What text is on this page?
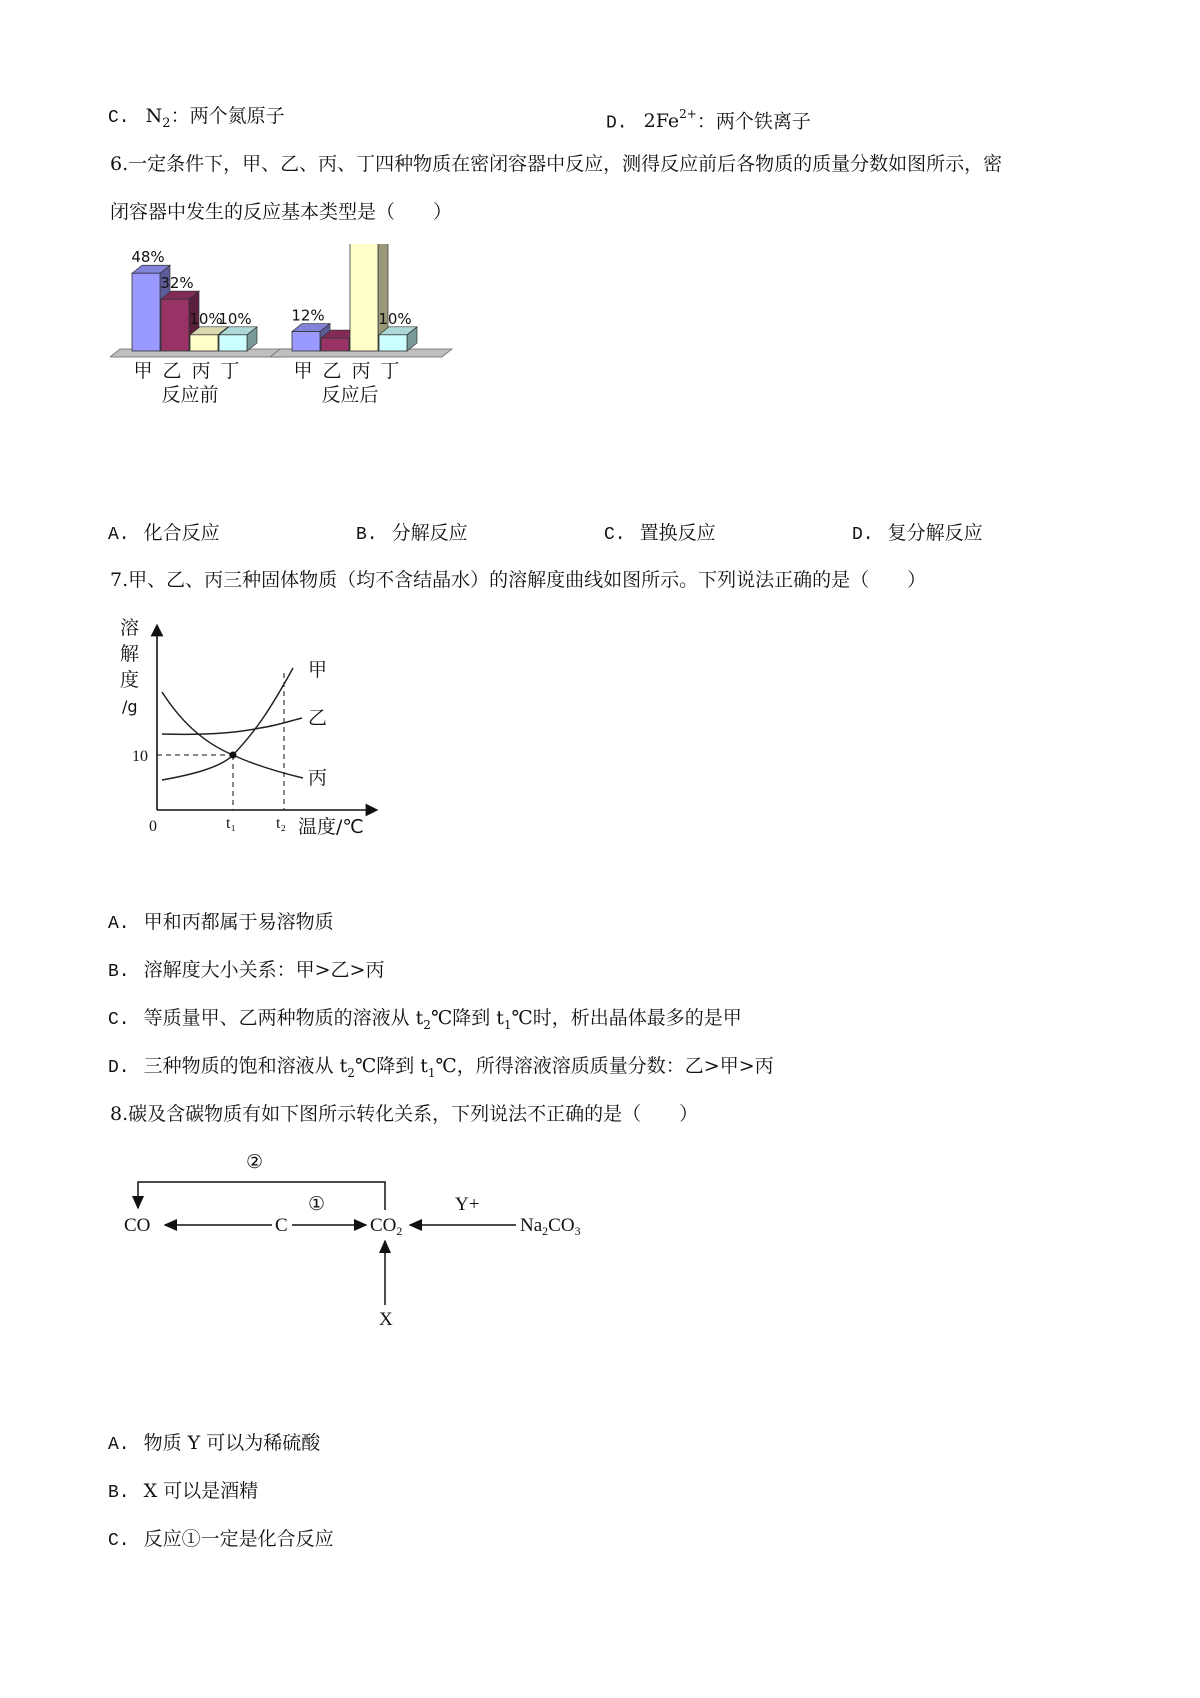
C. $N_2$：两个氮原子	D. $2Fe^{2+}$：两个铁离子
6.一定条件下，甲、乙、丙、丁四种物质在密闭容器中反应，测得反应前后各物质的质量分数如图所示，密
闭容器中发生的反应基本类型是（　　）
48%
甲
32%
乙
10%
丙
10%
丁
反应前
12%
甲 乙 丙
10%
丁
反应后
A. 化合反应	B. 分解反应	C. 置换反应	D. 复分解反应
7.甲、乙、丙三种固体物质（均不含结晶水）的溶解度曲线如图所示。下列说法正确的是（　　）
溶解度/g
甲
乙
丙
10
0	t₁ t₂ 温度/℃
A. 甲和丙都属于易溶物质
B. 溶解度大小关系：甲>乙>丙
C. 等质量甲、乙两种物质的溶液从 $t_2℃$降到 $t_1℃$时，析出晶体最多的是甲
D. 三种物质的饱和溶液从 $t_2℃$降到 $t_1℃$，所得溶液溶质质量分数：乙>甲>丙
8.碳及含碳物质有如下图所示转化关系，下列说法不正确的是（　　）
CO	C	$CO_2$	$Na_2CO_3$
X
Y+
①
②
A. 物质 Y 可以为稀硫酸
B. X 可以是酒精
C. 反应①一定是化合反应
